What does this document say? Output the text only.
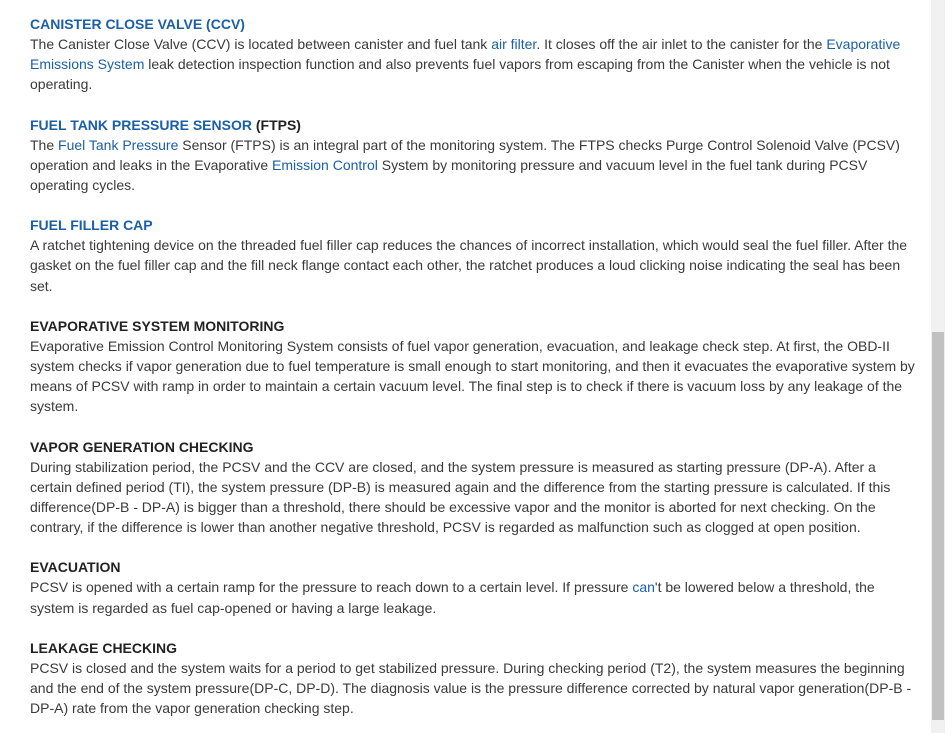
CANISTER CLOSE VALVE (CCV)

The Canister Close Valve (CCV) is located between canister and fuel tank air filter. It closes off the air inlet to the canister for the Evaporative Emissions System leak detection inspection function and also prevents fuel vapors from escaping from the Canister when the vehicle is not operating.

FUEL TANK PRESSURE SENSOR (FTPS)

The Fuel Tank Pressure Sensor (FTPS) is an integral part of the monitoring system. The FTPS checks Purge Control Solenoid Valve (PCSV) operation and leaks in the Evaporative Emission Control System by monitoring pressure and vacuum level in the fuel tank during PCSV operating cycles.

FUEL FILLER CAP

A ratchet tightening device on the threaded fuel filler cap reduces the chances of incorrect installation, which would seal the fuel filler. After the gasket on the fuel filler cap and the fill neck flange contact each other, the ratchet produces a loud clicking noise indicating the seal has been set.

EVAPORATIVE SYSTEM MONITORING

Evaporative Emission Control Monitoring System consists of fuel vapor generation, evacuation, and leakage check step. At first, the OBD-II system checks if vapor generation due to fuel temperature is small enough to start monitoring, and then it evacuates the evaporative system by means of PCSV with ramp in order to maintain a certain vacuum level. The final step is to check if there is vacuum loss by any leakage of the system.

VAPOR GENERATION CHECKING

During stabilization period, the PCSV and the CCV are closed, and the system pressure is measured as starting pressure (DP-A). After a certain defined period (TI), the system pressure (DP-B) is measured again and the difference from the starting pressure is calculated. If this difference(DP-B - DP-A) is bigger than a threshold, there should be excessive vapor and the monitor is aborted for next checking. On the contrary, if the difference is lower than another negative threshold, PCSV is regarded as malfunction such as clogged at open position.

EVACUATION

PCSV is opened with a certain ramp for the pressure to reach down to a certain level. If pressure can't be lowered below a threshold, the system is regarded as fuel cap-opened or having a large leakage.

LEAKAGE CHECKING

PCSV is closed and the system waits for a period to get stabilized pressure. During checking period (T2), the system measures the beginning and the end of the system pressure(DP-C, DP-D). The diagnosis value is the pressure difference corrected by natural vapor generation(DP-B - DP-A) rate from the vapor generation checking step.
